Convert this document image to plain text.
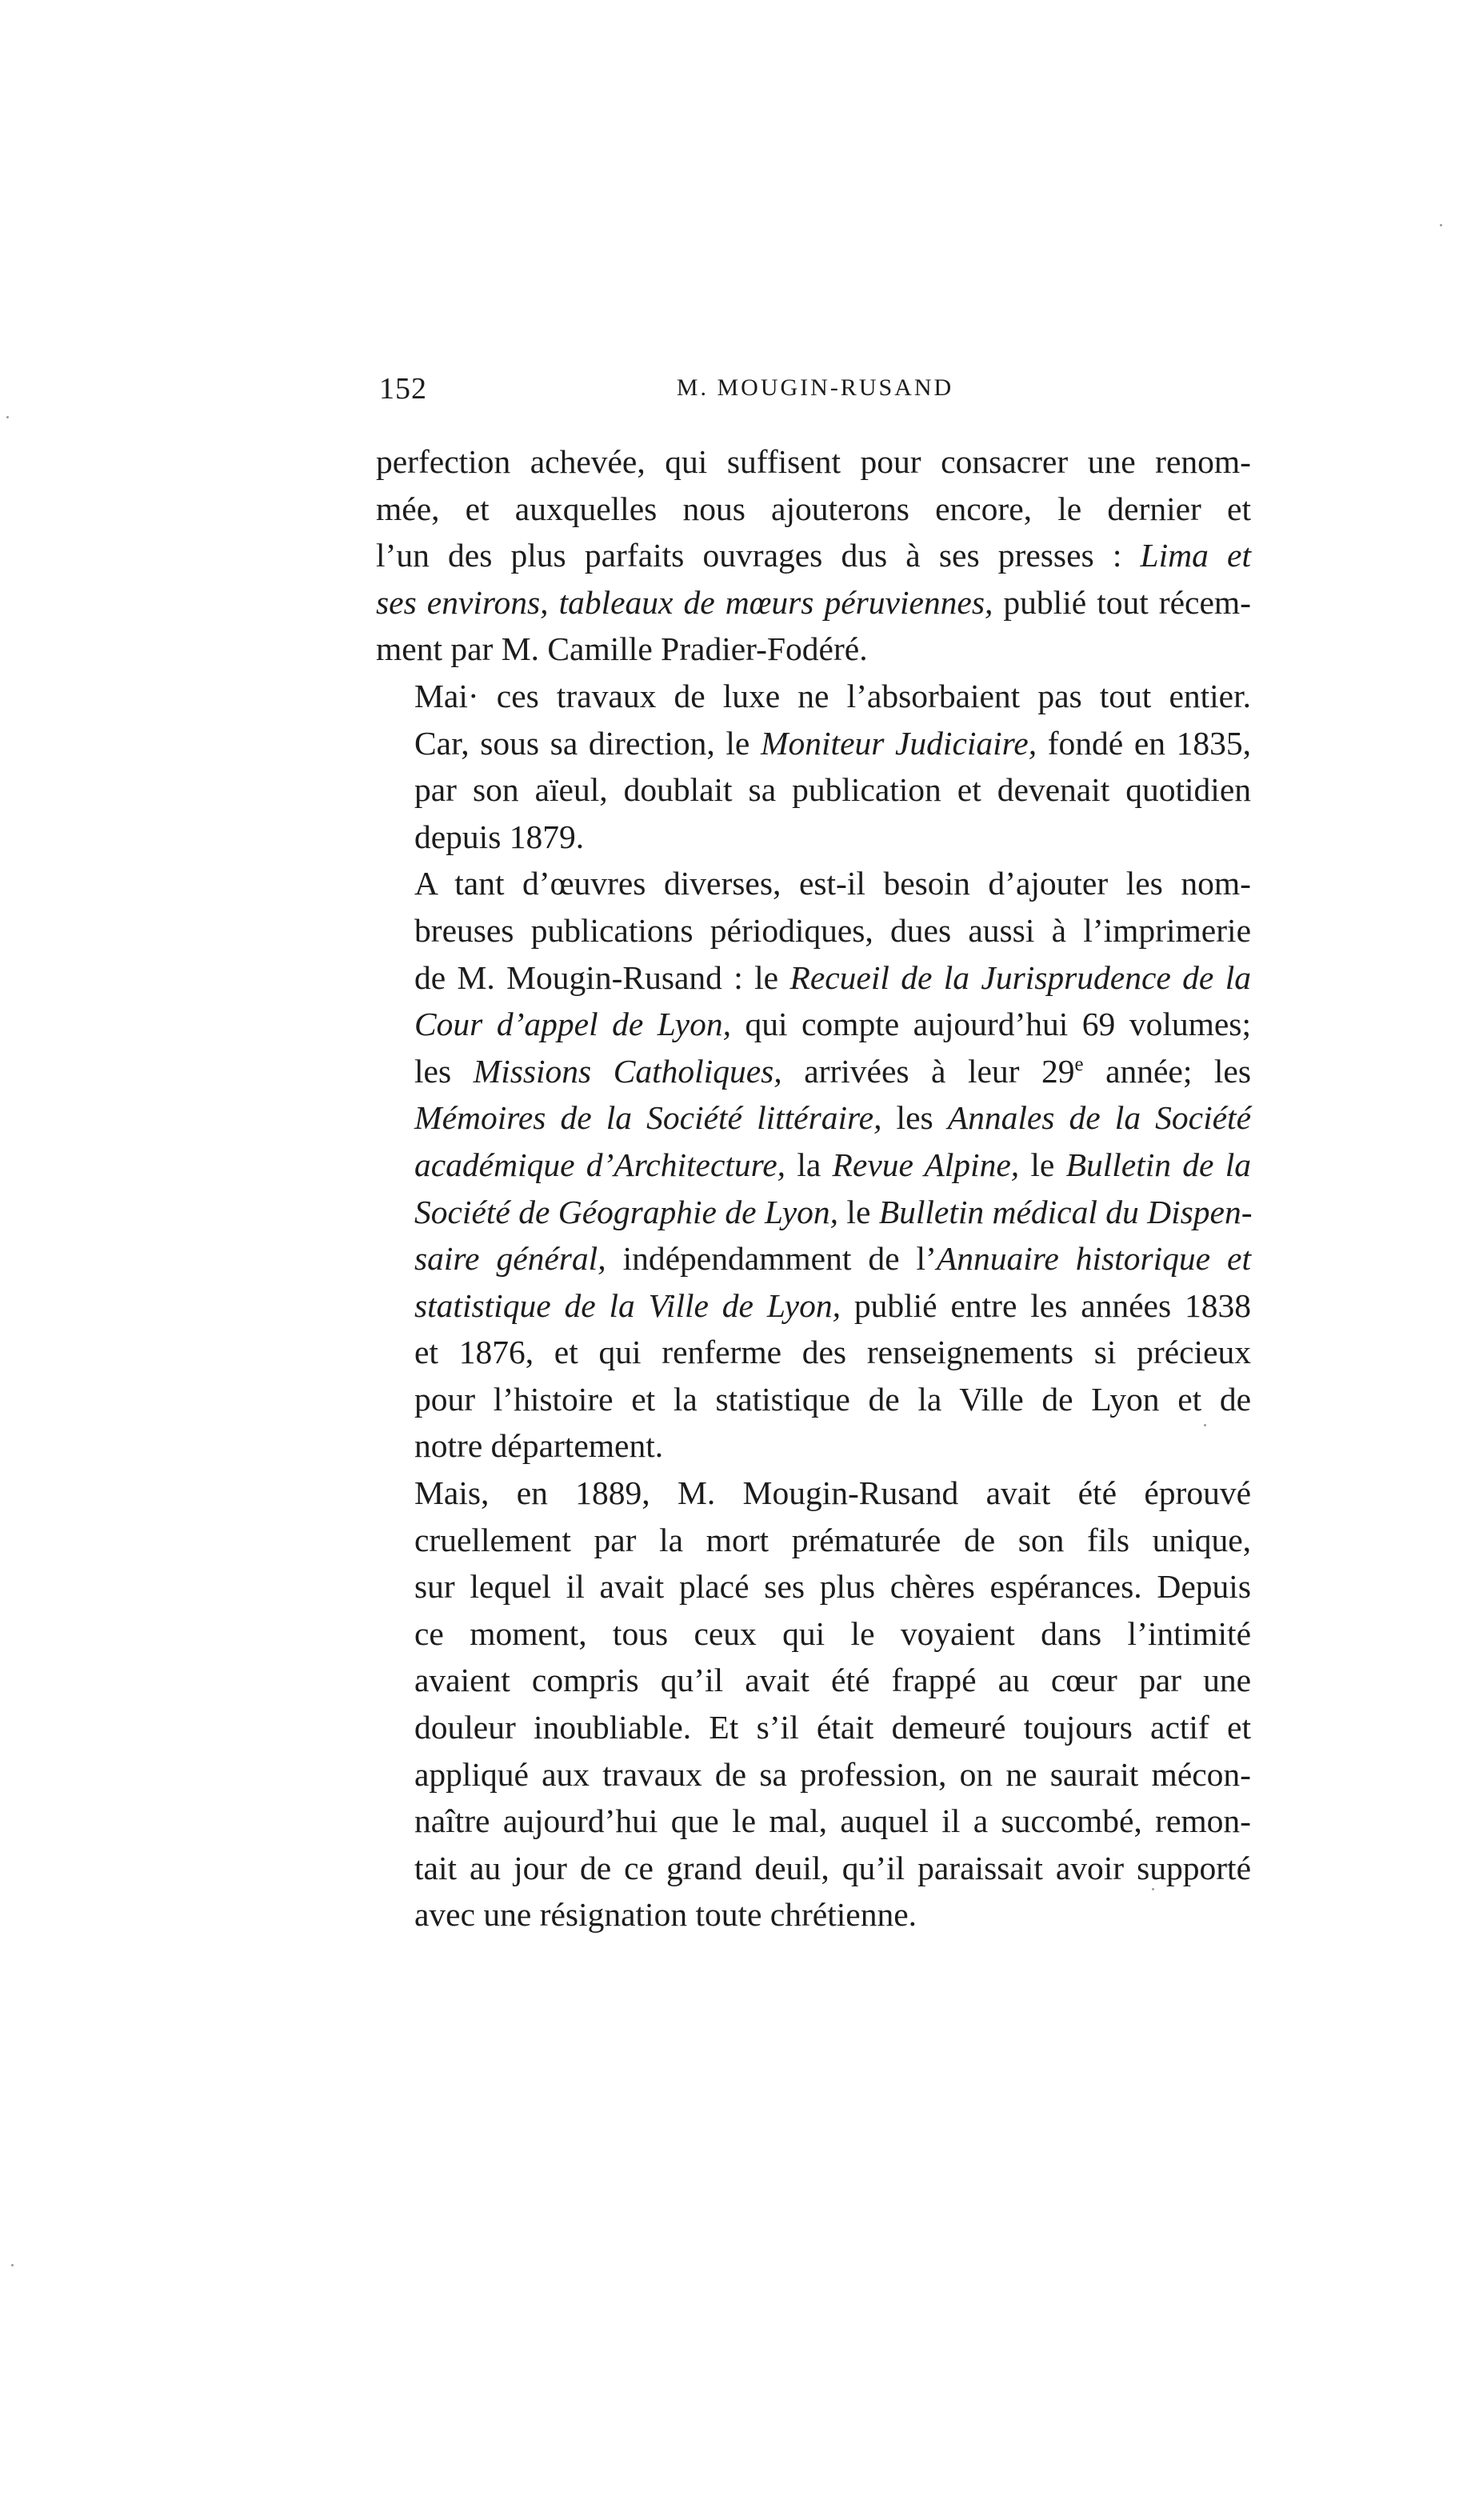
152	M. MOUGIN-RUSAND
perfection achevée, qui suffisent pour consacrer une renom-
mée, et auxquelles nous ajouterons encore, le dernier et
l’un des plus parfaits ouvrages dus à ses presses : Lima et
ses environs, tableaux de mœurs péruviennes, publié tout récem-
ment par M. Camille Pradier-Fodéré.
Mai· ces travaux de luxe ne l’absorbaient pas tout entier.
Car, sous sa direction, le Moniteur Judiciaire, fondé en 1835,
par son aïeul, doublait sa publication et devenait quotidien
depuis 1879.
A tant d’œuvres diverses, est-il besoin d’ajouter les nom-
breuses publications périodiques, dues aussi à l’imprimerie
de M. Mougin-Rusand : le Recueil de la Jurisprudence de la
Cour d’appel de Lyon, qui compte aujourd’hui 69 volumes;
les Missions Catholiques, arrivées à leur 29e année; les
Mémoires de la Société littéraire, les Annales de la Société
académique d’Architecture, la Revue Alpine, le Bulletin de la
Société de Géographie de Lyon, le Bulletin médical du Dispen-
saire général, indépendamment de l’Annuaire historique et
statistique de la Ville de Lyon, publié entre les années 1838
et 1876, et qui renferme des renseignements si précieux
pour l’histoire et la statistique de la Ville de Lyon et de
notre département.
Mais, en 1889, M. Mougin-Rusand avait été éprouvé
cruellement par la mort prématurée de son fils unique,
sur lequel il avait placé ses plus chères espérances. Depuis
ce moment, tous ceux qui le voyaient dans l’intimité
avaient compris qu’il avait été frappé au cœur par une
douleur inoubliable. Et s’il était demeuré toujours actif et
appliqué aux travaux de sa profession, on ne saurait mécon-
naître aujourd’hui que le mal, auquel il a succombé, remon-
tait au jour de ce grand deuil, qu’il paraissait avoir supporté
avec une résignation toute chrétienne.
